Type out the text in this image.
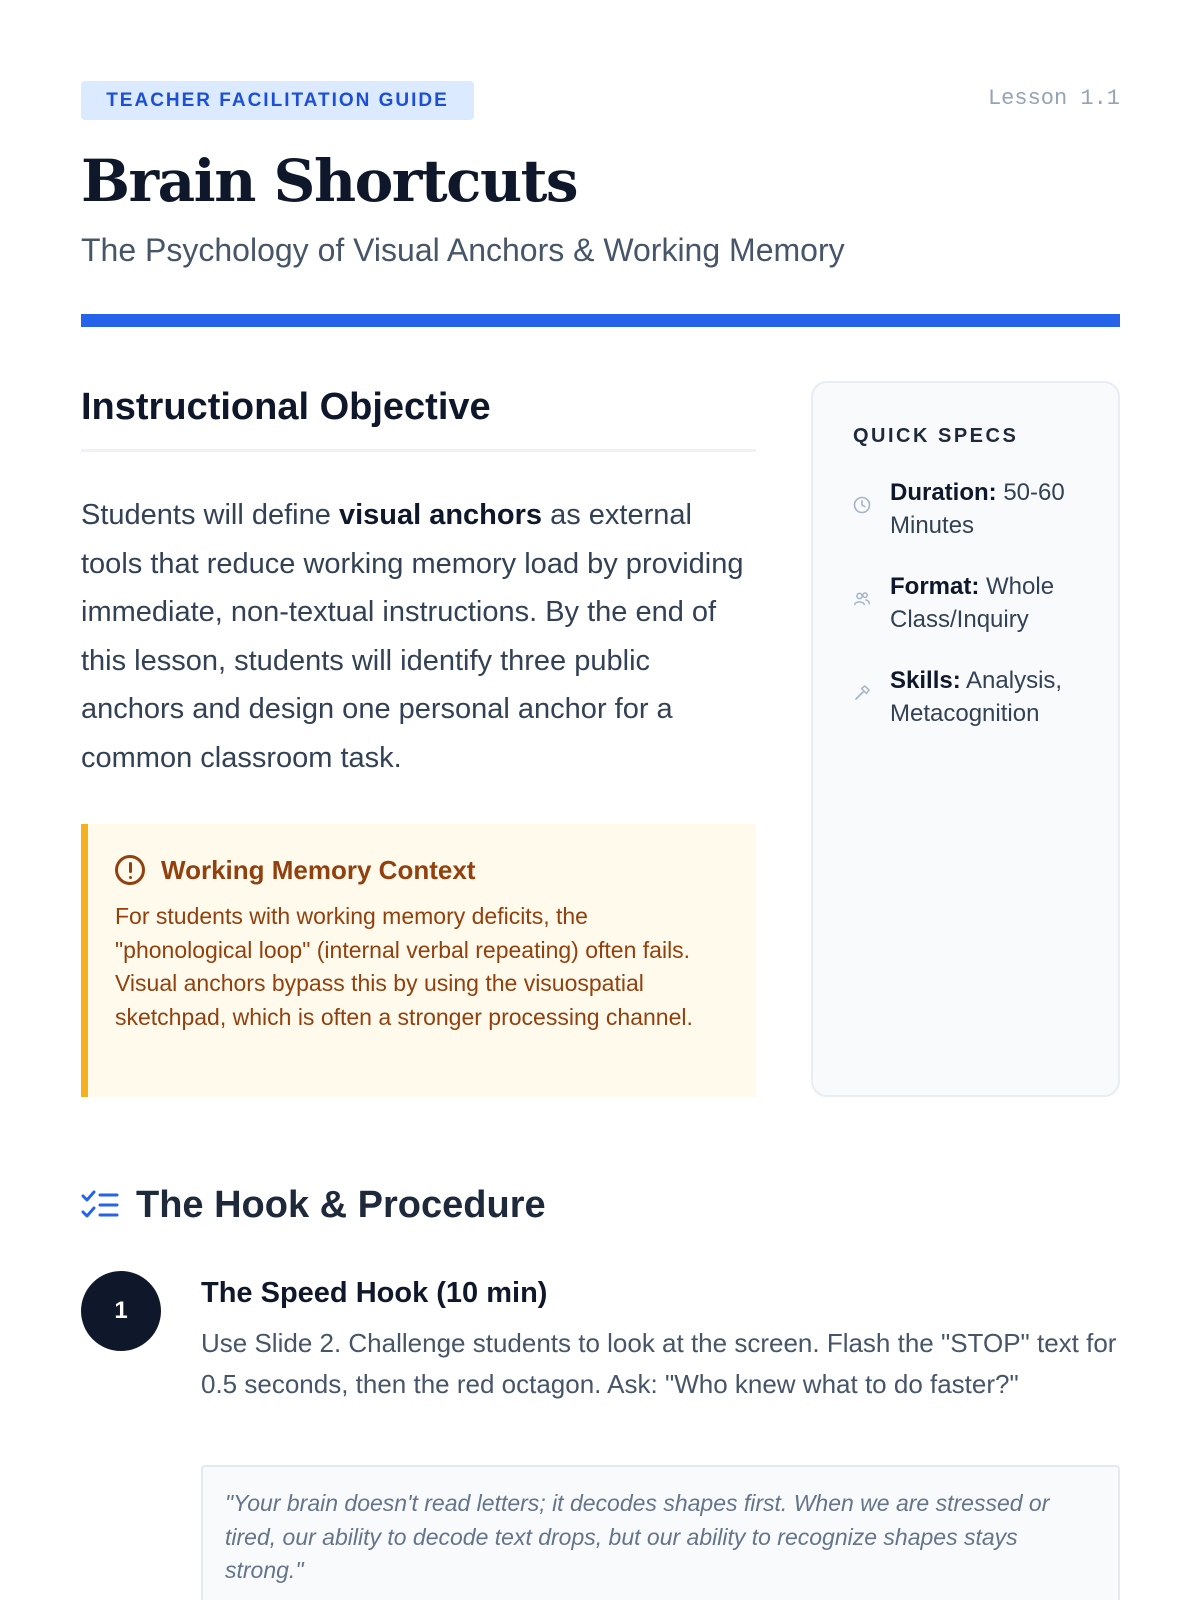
TEACHER FACILITATION GUIDE	Lesson 1.1
Brain Shortcuts
The Psychology of Visual Anchors & Working Memory
Instructional Objective

Students will define visual anchors as external tools that reduce working memory load by providing immediate, non-textual instructions. By the end of this lesson, students will identify three public anchors and design one personal anchor for a common classroom task.

Working Memory Context

For students with working memory deficits, the "phonological loop" (internal verbal repeating) often fails. Visual anchors bypass this by using the visuospatial sketchpad, which is often a stronger processing channel.

QUICK SPECS
Duration: 50-60 Minutes
Format: Whole Class/Inquiry
Skills: Analysis, Metacognition
The Hook & Procedure
1
The Speed Hook (10 min)

Use Slide 2. Challenge students to look at the screen. Flash the "STOP" text for 0.5 seconds, then the red octagon. Ask: "Who knew what to do faster?"

"Your brain doesn't read letters; it decodes shapes first. When we are stressed or tired, our ability to decode text drops, but our ability to recognize shapes stays strong."
